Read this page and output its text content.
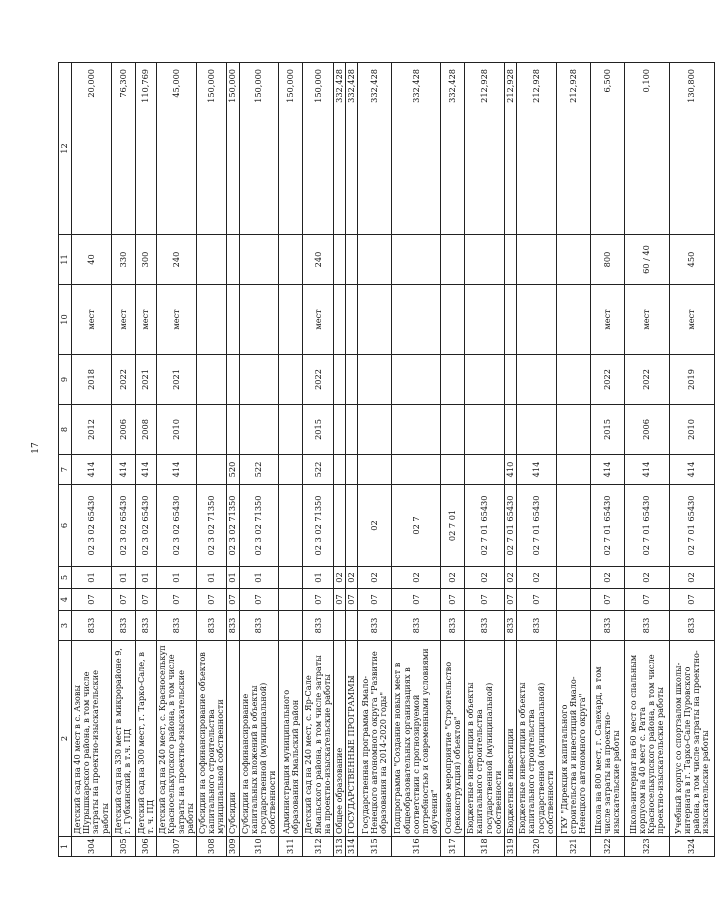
17
1	2	3	4	5	6	7	8	9	10	11	12
304	Детский сад на 40 мест в с. Азовы Шурышкарского района, в том числе затраты на проектно-изыскательские работы	833	07	01	02 3 02 65430	414	2012	2018	мест	40	20,000
305	Детский сад на 330 мест в микрорайоне 9, г. Губкинский, в т.ч. ПД	833	07	01	02 3 02 65430	414	2006	2022	мест	330	76,300
306	Детский сад на 300 мест, г. Тарко-Сале, в т. ч. ПД	833	07	01	02 3 02 65430	414	2008	2021	мест	300	110,769
307	Детский сад на 240 мест, с. Красноселькуп Красноселькупского района, в том числе затраты на проектно-изыскательские работы	833	07	01	02 3 02 65430	414	2010	2021	мест	240	45,000
308	Субсидии на софинансирование объектов капитального строительства муниципальной собственности	833	07	01	02 3 02 71350						150,000
309	Субсидии	833	07	01	02 3 02 71350	520					150,000
310	Субсидии на софинансирование капитальных вложений в объекты государственной (муниципальной) собственности	833	07	01	02 3 02 71350	522					150,000
311	Администрация муниципального образования Ямальский район										150,000
312	Детский сад на 240 мест, с. Яр-Сале Ямальского района, в том числе затраты на проектно-изыскательские работы	833	07	01	02 3 02 71350	522	2015	2022	мест	240	150,000
313	Общее образование		07	02							332,428
314	ГОСУДАРСТВЕННЫЕ ПРОГРАММЫ		07	02							332,428
315	Государственная программа Ямало-Ненецкого автономного округа "Развитие образования на 2014-2020 годы"	833	07	02	02						332,428
316	Подпрограмма "Создание новых мест в общеобразовательных организациях в соответствии с прогнозируемой потребностью и современными условиями обучения"	833	07	02	02 7						332,428
317	Основное мероприятие "Строительство (реконструкция) объектов"	833	07	02	02 7 01						332,428
318	Бюджетные инвестиции в объекты капитального строительства государственной (муниципальной) собственности	833	07	02	02 7 01 65430						212,928
319	Бюджетные инвестиции	833	07	02	02 7 01 65430	410					212,928
320	Бюджетные инвестиции в объекты капитального строительства государственной (муниципальной) собственности	833	07	02	02 7 01 65430	414					212,928
321	ГКУ "Дирекция капитального строительства и инвестиций Ямало-Ненецкого автономного округа"										212,928
322	Школа на 800 мест, г. Салехард, в том числе затраты на проектно-изыскательские работы	833	07	02	02 7 01 65430	414	2015	2022	мест	800	6,500
323	Школа-интернат на 60 мест со спальным корпусом на 40 мест с. Ратта Красноселькупского района, в том числе проектно-изыскательские работы	833	07	02	02 7 01 65430	414	2006	2022	мест	60 / 40	0,100
324	Учебный корпус со спортзалом школы-интерната в г. Тарко-Сале Пуровского района, в том числе затраты на проектно-изыскательские работы	833	07	02	02 7 01 65430	414	2010	2019	мест	450	130,800
